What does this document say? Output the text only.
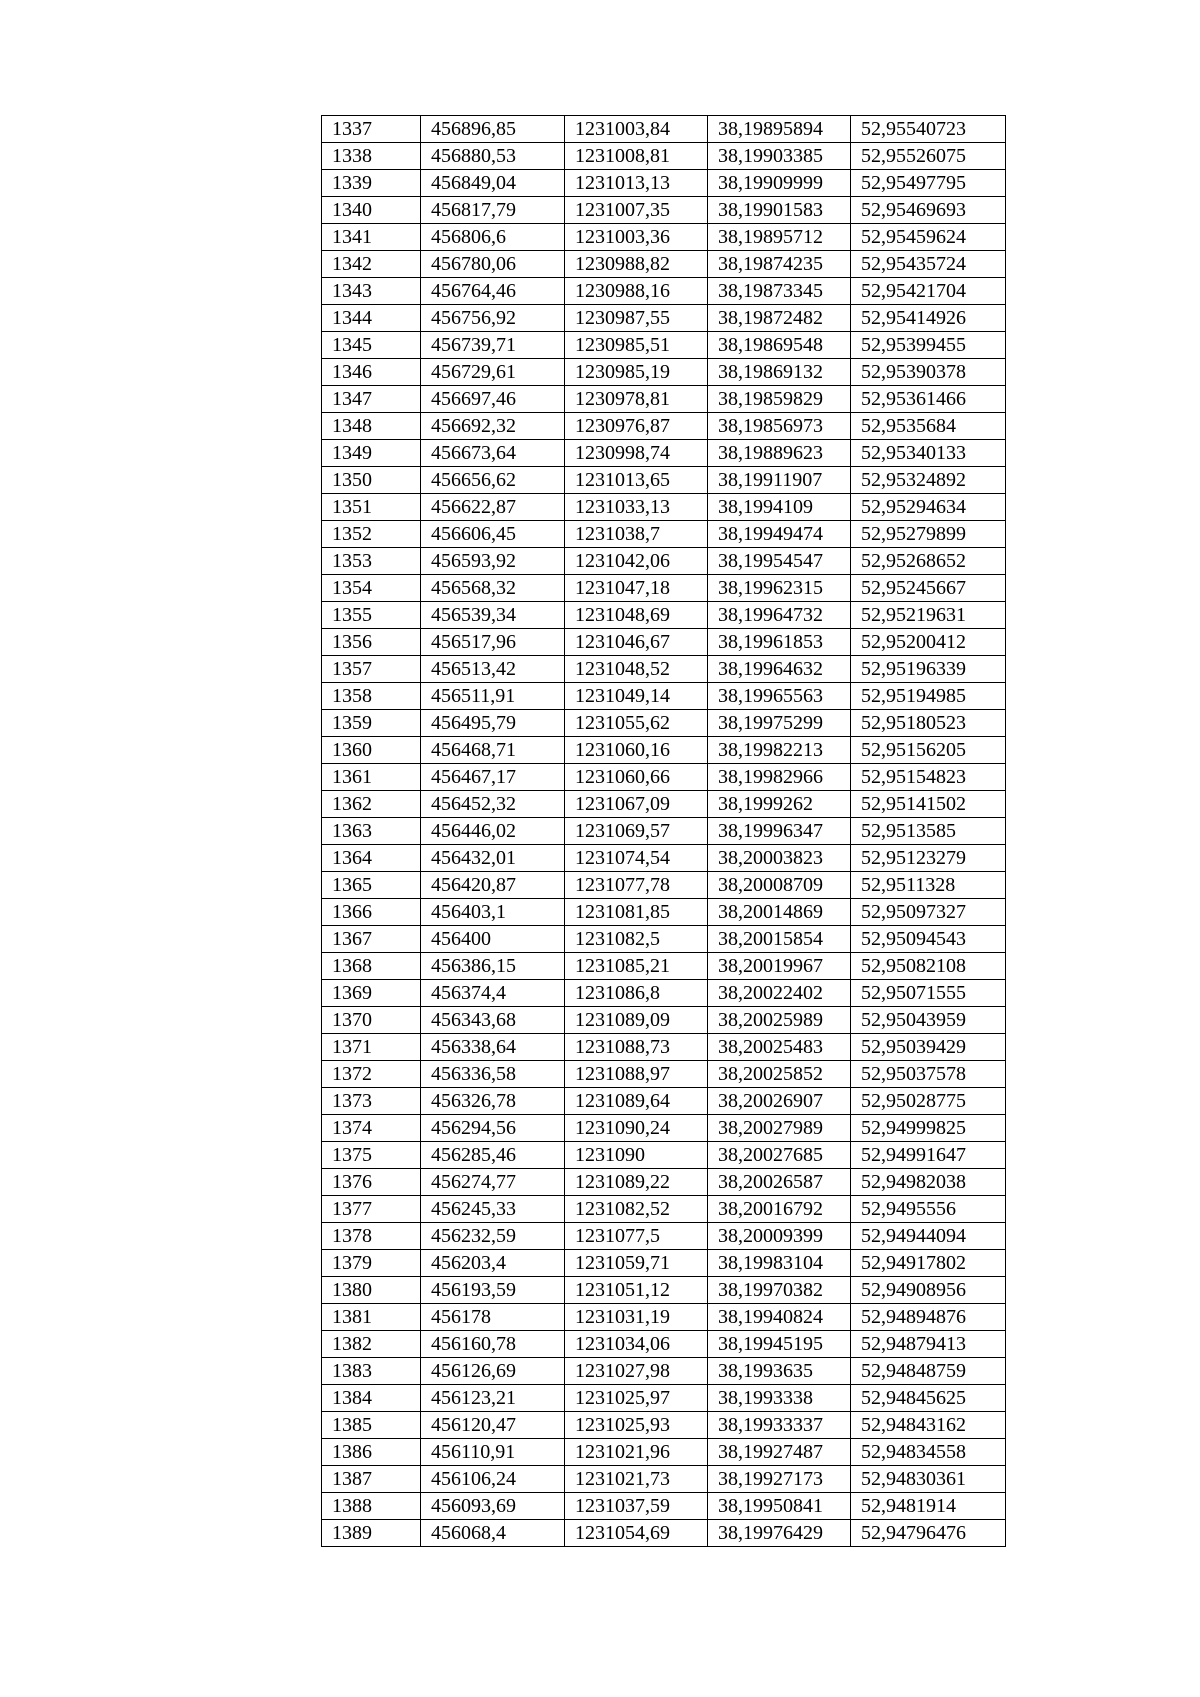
1337	456896,85	1231003,84	38,19895894	52,95540723
1338	456880,53	1231008,81	38,19903385	52,95526075
1339	456849,04	1231013,13	38,19909999	52,95497795
1340	456817,79	1231007,35	38,19901583	52,95469693
1341	456806,6	1231003,36	38,19895712	52,95459624
1342	456780,06	1230988,82	38,19874235	52,95435724
1343	456764,46	1230988,16	38,19873345	52,95421704
1344	456756,92	1230987,55	38,19872482	52,95414926
1345	456739,71	1230985,51	38,19869548	52,95399455
1346	456729,61	1230985,19	38,19869132	52,95390378
1347	456697,46	1230978,81	38,19859829	52,95361466
1348	456692,32	1230976,87	38,19856973	52,9535684
1349	456673,64	1230998,74	38,19889623	52,95340133
1350	456656,62	1231013,65	38,19911907	52,95324892
1351	456622,87	1231033,13	38,1994109	52,95294634
1352	456606,45	1231038,7	38,19949474	52,95279899
1353	456593,92	1231042,06	38,19954547	52,95268652
1354	456568,32	1231047,18	38,19962315	52,95245667
1355	456539,34	1231048,69	38,19964732	52,95219631
1356	456517,96	1231046,67	38,19961853	52,95200412
1357	456513,42	1231048,52	38,19964632	52,95196339
1358	456511,91	1231049,14	38,19965563	52,95194985
1359	456495,79	1231055,62	38,19975299	52,95180523
1360	456468,71	1231060,16	38,19982213	52,95156205
1361	456467,17	1231060,66	38,19982966	52,95154823
1362	456452,32	1231067,09	38,1999262	52,95141502
1363	456446,02	1231069,57	38,19996347	52,9513585
1364	456432,01	1231074,54	38,20003823	52,95123279
1365	456420,87	1231077,78	38,20008709	52,9511328
1366	456403,1	1231081,85	38,20014869	52,95097327
1367	456400	1231082,5	38,20015854	52,95094543
1368	456386,15	1231085,21	38,20019967	52,95082108
1369	456374,4	1231086,8	38,20022402	52,95071555
1370	456343,68	1231089,09	38,20025989	52,95043959
1371	456338,64	1231088,73	38,20025483	52,95039429
1372	456336,58	1231088,97	38,20025852	52,95037578
1373	456326,78	1231089,64	38,20026907	52,95028775
1374	456294,56	1231090,24	38,20027989	52,94999825
1375	456285,46	1231090	38,20027685	52,94991647
1376	456274,77	1231089,22	38,20026587	52,94982038
1377	456245,33	1231082,52	38,20016792	52,9495556
1378	456232,59	1231077,5	38,20009399	52,94944094
1379	456203,4	1231059,71	38,19983104	52,94917802
1380	456193,59	1231051,12	38,19970382	52,94908956
1381	456178	1231031,19	38,19940824	52,94894876
1382	456160,78	1231034,06	38,19945195	52,94879413
1383	456126,69	1231027,98	38,1993635	52,94848759
1384	456123,21	1231025,97	38,1993338	52,94845625
1385	456120,47	1231025,93	38,19933337	52,94843162
1386	456110,91	1231021,96	38,19927487	52,94834558
1387	456106,24	1231021,73	38,19927173	52,94830361
1388	456093,69	1231037,59	38,19950841	52,9481914
1389	456068,4	1231054,69	38,19976429	52,94796476
